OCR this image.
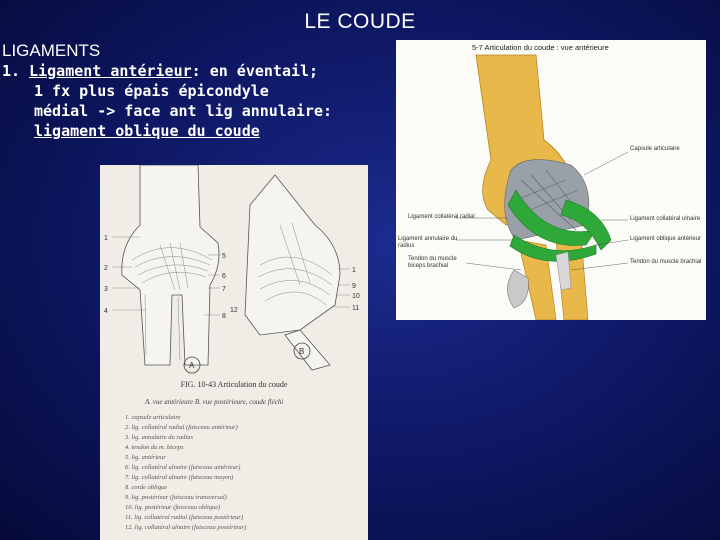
LE COUDE
LIGAMENTS
1. Ligament antérieur: en éventail;
1 fx plus épais épicondyle
médial -> face ant lig annulaire:
ligament oblique du coude
A
1
2
3
4
5
6
7
8
12
B
1
9
10
11
FIG. 10-43 Articulation du coude
A. vue antérieure B. vue postérieure, coude fléchi
1. capsule articulaire
2. lig. collatéral radial (faisceau antérieur)
3. lig. annulaire du radius
4. tendon du m. biceps
5. lig. antérieur
6. lig. collatéral ulnaire (faisceau antérieur)
7. lig. collatéral ulnaire (faisceau moyen)
8. corde oblique
9. lig. postérieur (faisceau transversal)
10. lig. postérieur (faisceau oblique)
11. lig. collatéral radial (faisceau postérieur)
12. lig. collatéral ulnaire (faisceau postérieur)
5-7 Articulation du coude : vue antérieure
Capsule articulaire
Ligament collatéral radial	Ligament collatéral ulnaire
Ligament annulaire du radius
Ligament oblique antérieur
Tendon du muscle biceps brachial
Tendon du muscle brachial
